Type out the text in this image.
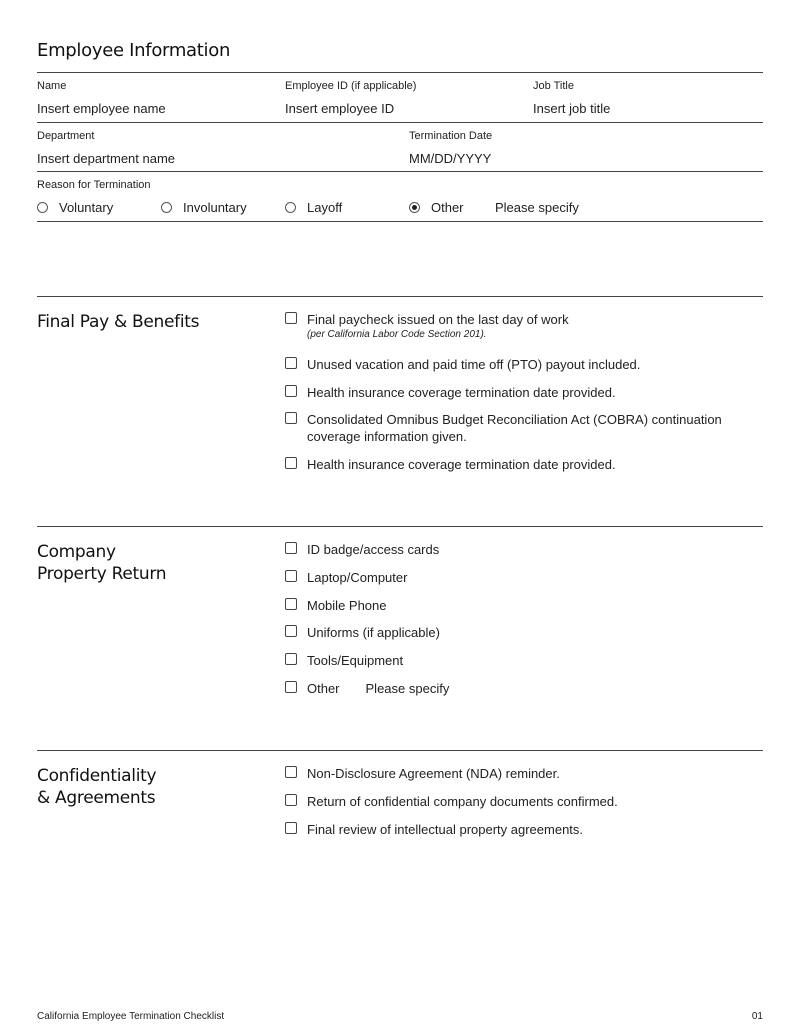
Employee Information
Name
Insert employee name
Employee ID (if applicable)
Insert employee ID
Job Title
Insert job title
Department
Insert department name
Termination Date
MM/DD/YYYY
Reason for Termination
Voluntary	Involuntary	Layoff	Other Please specify
Final Pay & Benefits	Final paycheck issued on the last day of work
(per California Labor Code Section 201).
Unused vacation and paid time off (PTO) payout included.
Health insurance coverage termination date provided.
Consolidated Omnibus Budget Reconciliation Act (COBRA) continuation coverage information given.
Health insurance coverage termination date provided.
Company
Property Return
ID badge/access cards
Laptop/Computer
Mobile Phone
Uniforms (if applicable)
Tools/Equipment
Other Please specify
Confidentiality
& Agreements
Non-Disclosure Agreement (NDA) reminder.
Return of confidential company documents confirmed.
Final review of intellectual property agreements.
California Employee Termination Checklist	01
